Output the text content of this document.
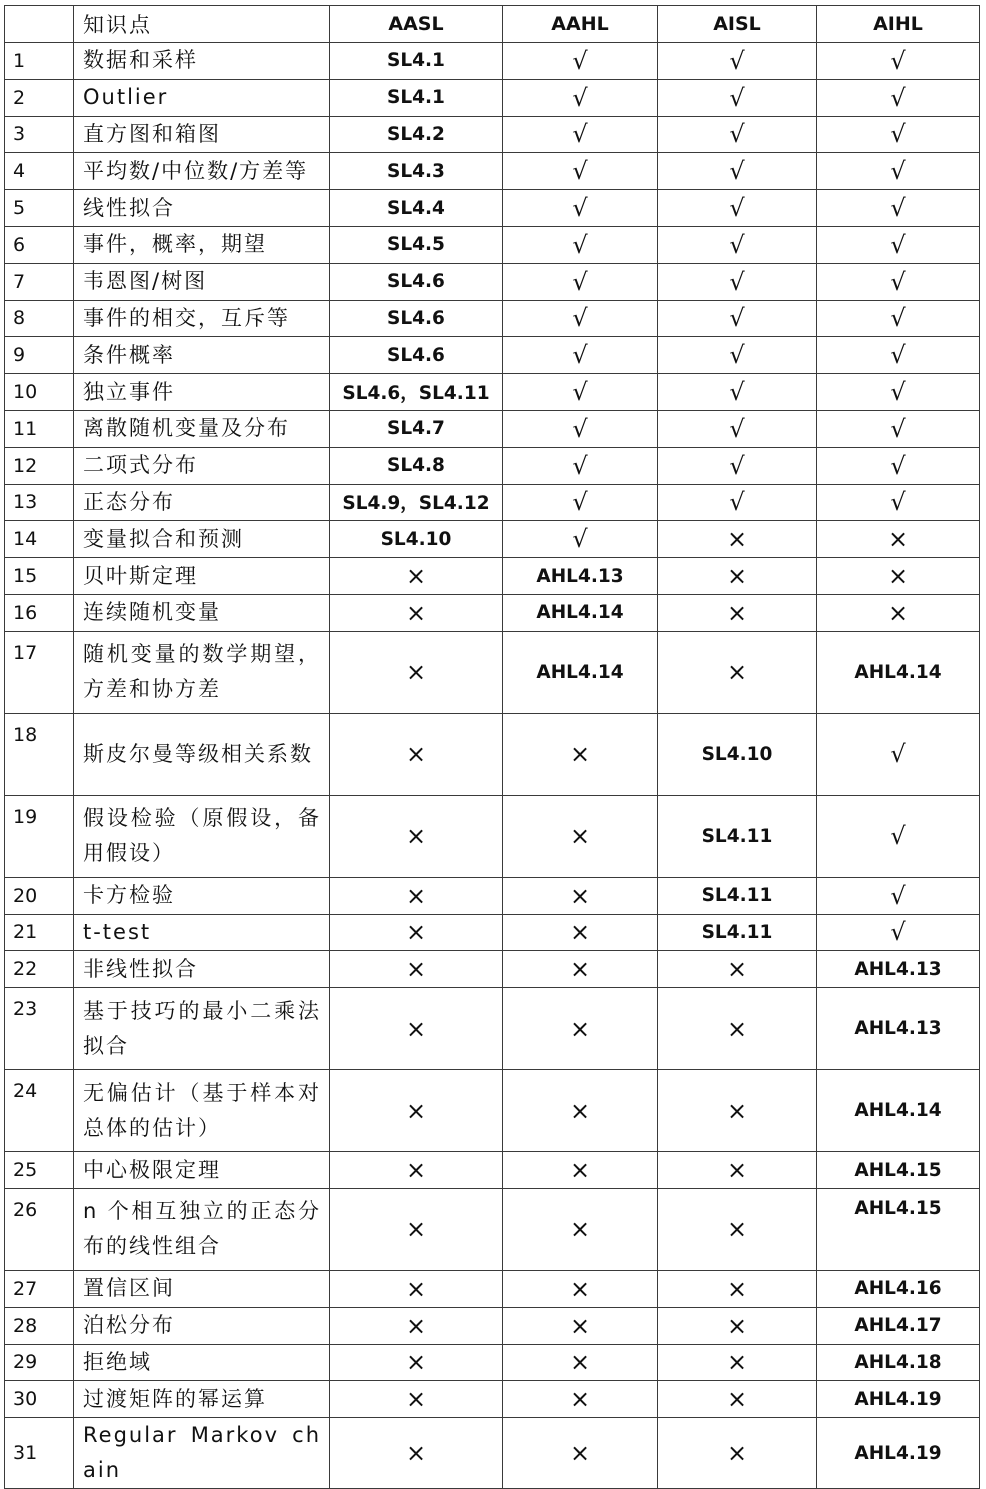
	知识点	AASL	AAHL	AISL	AIHL
1	数据和采样	SL4.1	√	√	√
2	Outlier	SL4.1	√	√	√
3	直方图和箱图	SL4.2	√	√	√
4	平均数/中位数/方差等	SL4.3	√	√	√
5	线性拟合	SL4.4	√	√	√
6	事件，概率，期望	SL4.5	√	√	√
7	韦恩图/树图	SL4.6	√	√	√
8	事件的相交，互斥等	SL4.6	√	√	√
9	条件概率	SL4.6	√	√	√
10	独立事件	SL4.6，SL4.11	√	√	√
11	离散随机变量及分布	SL4.7	√	√	√
12	二项式分布	SL4.8	√	√	√
13	正态分布	SL4.9，SL4.12	√	√	√
14	变量拟合和预测	SL4.10	√	×	×
15	贝叶斯定理	×	AHL4.13	×	×
16	连续随机变量	×	AHL4.14	×	×
17	随机变量的数学期望，方差和协方差	×	AHL4.14	×	AHL4.14
18	斯皮尔曼等级相关系数	×	×	SL4.10	√
19	假设检验（原假设，备用假设）	×	×	SL4.11	√
20	卡方检验	×	×	SL4.11	√
21	t-test	×	×	SL4.11	√
22	非线性拟合	×	×	×	AHL4.13
23	基于技巧的最小二乘法拟合	×	×	×	AHL4.13
24	无偏估计（基于样本对总体的估计）	×	×	×	AHL4.14
25	中心极限定理	×	×	×	AHL4.15
26	n 个相互独立的正态分布的线性组合	×	×	×	AHL4.15
27	置信区间	×	×	×	AHL4.16
28	泊松分布	×	×	×	AHL4.17
29	拒绝域	×	×	×	AHL4.18
30	过渡矩阵的幂运算	×	×	×	AHL4.19
31	Regular Markov chain	×	×	×	AHL4.19
